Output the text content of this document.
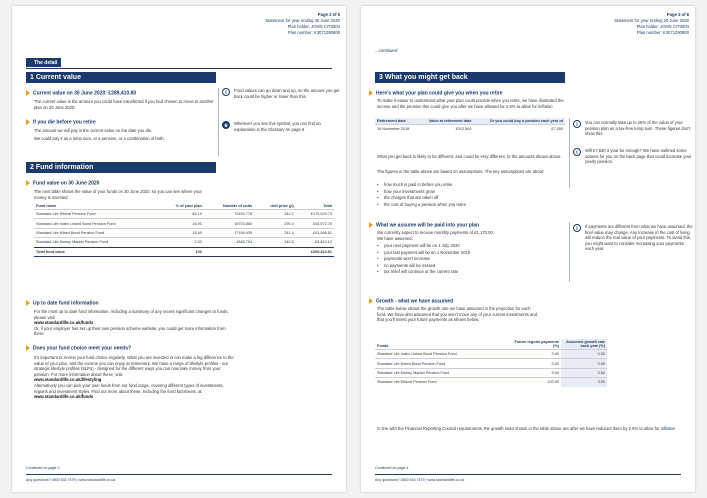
Page 2 of 6
Statement for year ending 30 June 2020
Plan holder: JOHN CITIZEN
Plan number: K3071290800
The detail
1 Current value
Current value on 30 June 2020: £269,410.80
The current value is the amount you could have transferred if you had chosen to move to another plan on 30 June 2020.
i	Fund values can go down and up, so the amount you get back could be higher or lower than this.
If you die before you retire
The amount we will pay is the current value on the date you die.
We could pay it as a lump sum, or a pension, or a combination of both.
★	Wherever you see this symbol, you can find an explanation in the Glossary on page 6
2 Fund information
Fund value on 30 June 2020
The next table shows the value of your funds on 30 June 2020, so you can see where your money is invested
Fund name	% of your plan	Number of units	Unit price (p)	Total
Standard Life Ethical Pension Fund	65.19	72494.776	242.2	£175,529.73
Standard Life Index Linked Bond Pension Fund	16.91	15703.860	290.3	£45,572.76
Standard Life Mixed Bond Pension Fund	15.40	17169.435	241.4	£41,486.51
Standard Life Money Market Pension Fund	2.53	4845.704	140.5	£6,810.12
Total fund value	100			£269,410.81
Up to date fund information
For the most up to date fund information, including a summary of any recent significant changes to funds, please visit
www.standardlife.co.uk/funds
Or, if your employer has set up their own pension scheme website, you could get more information from there.
Does your fund choice meet your needs?
It's important to review your fund choice regularly. What you are invested in can make a big difference to the value of your plan, and the income you can enjoy at retirement. We have a range of lifestyle profiles - our strategic lifestyle profiles (SLPs) - designed for the different ways you can now take money from your pension. For more information about these, visit
www.standardlife.co.uk/lifestyling
Alternatively you can pick your own funds from our fund range, covering different types of investments, regions and investment styles. Find out more about these, including the fund factsheets, at
www.standardlife.co.uk/funds
Continued on page 3
Any questions? 0800 634 7479 | www.standardlife.co.uk
Page 3 of 6
Statement for year ending 30 June 2020
Plan holder: JOHN CITIZEN
Plan number: K3071290800
...continued
3 What you might get back
Here's what your plan could give you when you retire
To make it easier to understand what your plan could provide when you retire, we have illustrated the income and the pension this could give you after we have allowed for 2.5% to allow for inflation
Retirement date	Value at retirement date	Or you could buy a pension each year of
16 November 2018	£312,500	£7,550
i	You can normally take up to 25% of the value of your pension plan as a tax-free lump sum. These figures don't show this.
i	Will £7,530 a year be enough? We have outlined some options for you on the back page that could increase your yearly pension.
What you get back is likely to be different, and could be very different, to the amounts shown above.
The figures in the table above are based on assumptions. The key assumptions are about:
• how much is paid in before you retire
• how your investments grow
• the charges that are taken off
• the cost of buying a pension when you retire
What we assume will be paid into your plan
We currently expect to receive monthly payments of £1,170.00.
We have assumed:
• your next payment will be on 1 July 2020
• your last payment will be on 1 November 2019
• payments won't increase
• no payments will be missed
• tax relief will continue at the current rate
i	If payments are different from what we have assumed, the final value may change. Any increase in the cost of living will reduce the real value of your payments. To avoid this, you might want to consider increasing your payments each year.
Growth - what we have assumed
The table below shows the growth rate we have assumed in the projection for each fund. We have also assumed that you won't move any of your current investments and that you'll invest your future payments as shown below.
Funds	Future regular payments (%)	Assumed growth rate each year (%)
Standard Life Index Linked Bond Pension Fund	0.00	0.00
Standard Life Mixed Bond Pension Fund	0.00	0.50
Standard Life Money Market Pension Fund	0.00	0.50
Standard Life Ethical Pension Fund	100.00	3.50
In line with the Financial Reporting Council requirements, the growth rates shown in the table above are after we have reduced them by 2.5% to allow for inflation
Continued on page 4
Any questions? 0800 634 7479 | www.standardlife.co.uk
